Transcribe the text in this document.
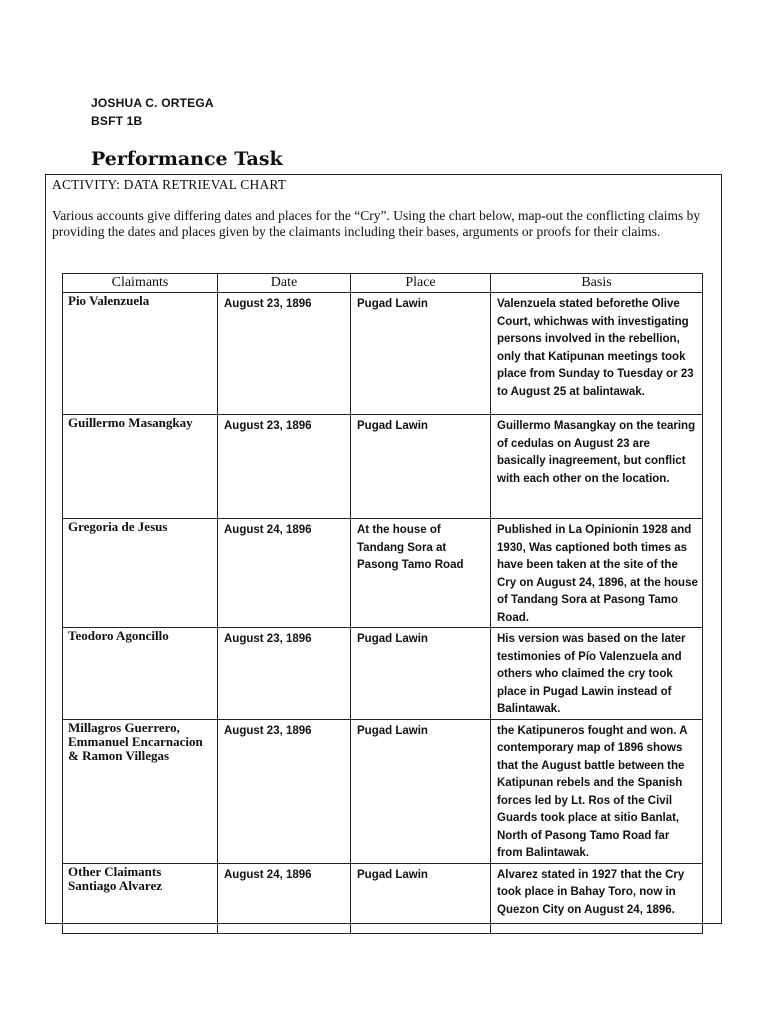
JOSHUA C. ORTEGA
BSFT 1B
Performance Task
ACTIVITY: DATA RETRIEVAL CHART
Various accounts give differing dates and places for the “Cry”. Using the chart below, map-out the conflicting claims by providing the dates and places given by the claimants including their bases, arguments or proofs for their claims.
Claimants	Date	Place	Basis
Pio Valenzuela	August 23, 1896	Pugad Lawin	Valenzuela stated beforethe Olive Court, whichwas with investigating persons involved in the rebellion, only that Katipunan meetings took place from Sunday to Tuesday or 23 to August 25 at balintawak.
Guillermo Masangkay	August 23, 1896	Pugad Lawin	Guillermo Masangkay on the tearing of cedulas on August 23 are basically inagreement, but conflict with each other on the location.
Gregoria de Jesus	August 24, 1896	At the house of Tandang Sora at Pasong Tamo Road	Published in La Opinionin 1928 and 1930, Was captioned both times as have been taken at the site of the Cry on August 24, 1896, at the house of Tandang Sora at Pasong Tamo Road.
Teodoro Agoncillo	August 23, 1896	Pugad Lawin	His version was based on the later testimonies of Pío Valenzuela and others who claimed the cry took place in Pugad Lawin instead of Balintawak.
Millagros Guerrero, Emmanuel Encarnacion & Ramon Villegas	August 23, 1896	Pugad Lawin	the Katipuneros fought and won. A contemporary map of 1896 shows that the August battle between the Katipunan rebels and the Spanish forces led by Lt. Ros of the Civil Guards took place at sitio Banlat, North of Pasong Tamo Road far from Balintawak.
Other Claimants Santiago Alvarez	August 24, 1896	Pugad Lawin	Alvarez stated in 1927 that the Cry took place in Bahay Toro, now in Quezon City on August 24, 1896.
